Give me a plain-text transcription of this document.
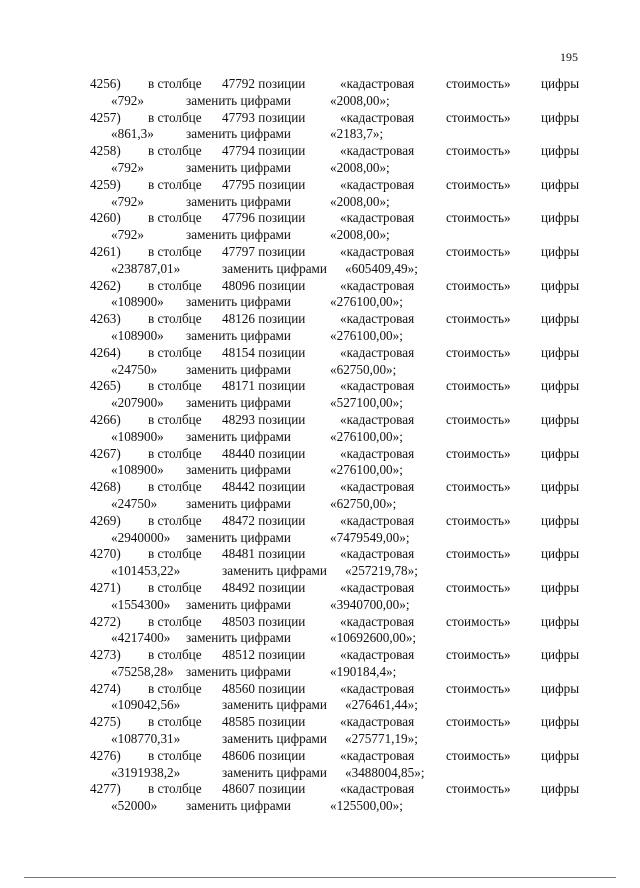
195
4256) в столбце 47792 позиции	«кадастровая стоимость» цифры
«792»	заменить цифрами	«2008,00»;
4257) в столбце 47793 позиции	«кадастровая стоимость» цифры
«861,3» заменить цифрами	«2183,7»;
4258) в столбце 47794 позиции	«кадастровая стоимость» цифры
«792»	заменить цифрами	«2008,00»;
4259) в столбце 47795 позиции	«кадастровая стоимость» цифры
«792»	заменить цифрами	«2008,00»;
4260) в столбце 47796 позиции	«кадастровая стоимость» цифры
«792»	заменить цифрами	«2008,00»;
4261) в столбце 47797 позиции	«кадастровая стоимость» цифры
«238787,01»	заменить цифрами «605409,49»;
4262) в столбце 48096 позиции	«кадастровая стоимость» цифры
«108900» заменить цифрами	«276100,00»;
4263) в столбце 48126 позиции	«кадастровая стоимость» цифры
«108900» заменить цифрами	«276100,00»;
4264) в столбце 48154 позиции	«кадастровая стоимость» цифры
«24750» заменить цифрами	«62750,00»;
4265) в столбце 48171 позиции	«кадастровая стоимость» цифры
«207900» заменить цифрами	«527100,00»;
4266) в столбце 48293 позиции	«кадастровая стоимость» цифры
«108900» заменить цифрами	«276100,00»;
4267) в столбце 48440 позиции	«кадастровая стоимость» цифры
«108900» заменить цифрами	«276100,00»;
4268) в столбце 48442 позиции	«кадастровая стоимость» цифры
«24750» заменить цифрами	«62750,00»;
4269) в столбце 48472 позиции	«кадастровая стоимость» цифры
«2940000» заменить цифрами	«7479549,00»;
4270) в столбце 48481 позиции	«кадастровая стоимость» цифры
«101453,22»	заменить цифрами «257219,78»;
4271) в столбце 48492 позиции	«кадастровая стоимость» цифры
«1554300» заменить цифрами	«3940700,00»;
4272) в столбце 48503 позиции	«кадастровая стоимость» цифры
«4217400» заменить цифрами	«10692600,00»;
4273) в столбце 48512 позиции	«кадастровая стоимость» цифры
«75258,28» заменить цифрами	«190184,4»;
4274) в столбце 48560 позиции	«кадастровая стоимость» цифры
«109042,56»	заменить цифрами «276461,44»;
4275) в столбце 48585 позиции	«кадастровая стоимость» цифры
«108770,31»	заменить цифрами «275771,19»;
4276) в столбце 48606 позиции	«кадастровая стоимость» цифры
«3191938,2»	заменить цифрами «3488004,85»;
4277) в столбце 48607 позиции	«кадастровая стоимость» цифры
«52000» заменить цифрами	«125500,00»;
